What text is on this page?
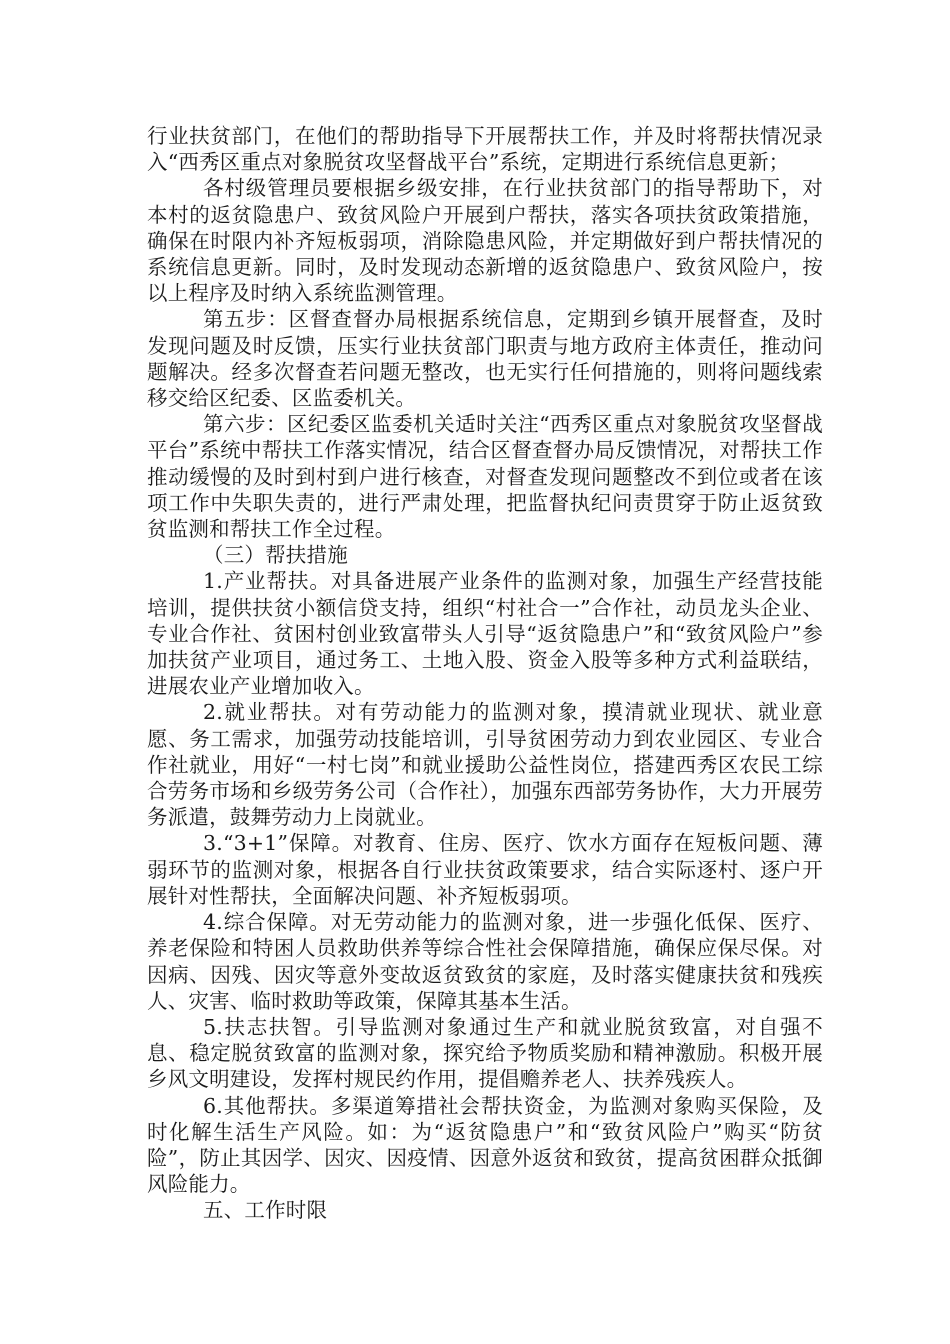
行业扶贫部门，在他们的帮助指导下开展帮扶工作，并及时将帮扶情况录入“西秀区重点对象脱贫攻坚督战平台”系统，定期进行系统信息更新；

各村级管理员要根据乡级安排，在行业扶贫部门的指导帮助下，对本村的返贫隐患户、致贫风险户开展到户帮扶，落实各项扶贫政策措施，确保在时限内补齐短板弱项，消除隐患风险，并定期做好到户帮扶情况的系统信息更新。同时，及时发现动态新增的返贫隐患户、致贫风险户，按以上程序及时纳入系统监测管理。

第五步：区督查督办局根据系统信息，定期到乡镇开展督查，及时发现问题及时反馈，压实行业扶贫部门职责与地方政府主体责任，推动问题解决。经多次督查若问题无整改，也无实行任何措施的，则将问题线索移交给区纪委、区监委机关。

第六步：区纪委区监委机关适时关注“西秀区重点对象脱贫攻坚督战平台”系统中帮扶工作落实情况，结合区督查督办局反馈情况，对帮扶工作推动缓慢的及时到村到户进行核查，对督查发现问题整改不到位或者在该项工作中失职失责的，进行严肃处理，把监督执纪问责贯穿于防止返贫致贫监测和帮扶工作全过程。

（三）帮扶措施

1.产业帮扶。对具备进展产业条件的监测对象，加强生产经营技能培训，提供扶贫小额信贷支持，组织“村社合一”合作社，动员龙头企业、专业合作社、贫困村创业致富带头人引导“返贫隐患户”和“致贫风险户”参加扶贫产业项目，通过务工、土地入股、资金入股等多种方式利益联结，进展农业产业增加收入。

2.就业帮扶。对有劳动能力的监测对象，摸清就业现状、就业意愿、务工需求，加强劳动技能培训，引导贫困劳动力到农业园区、专业合作社就业，用好“一村七岗”和就业援助公益性岗位，搭建西秀区农民工综合劳务市场和乡级劳务公司（合作社），加强东西部劳务协作，大力开展劳务派遣，鼓舞劳动力上岗就业。

3.“3+1”保障。对教育、住房、医疗、饮水方面存在短板问题、薄弱环节的监测对象，根据各自行业扶贫政策要求，结合实际逐村、逐户开展针对性帮扶，全面解决问题、补齐短板弱项。

4.综合保障。对无劳动能力的监测对象，进一步强化低保、医疗、养老保险和特困人员救助供养等综合性社会保障措施，确保应保尽保。对因病、因残、因灾等意外变故返贫致贫的家庭，及时落实健康扶贫和残疾人、灾害、临时救助等政策，保障其基本生活。

5.扶志扶智。引导监测对象通过生产和就业脱贫致富，对自强不息、稳定脱贫致富的监测对象，探究给予物质奖励和精神激励。积极开展乡风文明建设，发挥村规民约作用，提倡赡养老人、扶养残疾人。

6.其他帮扶。多渠道筹措社会帮扶资金，为监测对象购买保险，及时化解生活生产风险。如：为“返贫隐患户”和“致贫风险户”购买“防贫险”，防止其因学、因灾、因疫情、因意外返贫和致贫，提高贫困群众抵御风险能力。

五、工作时限
